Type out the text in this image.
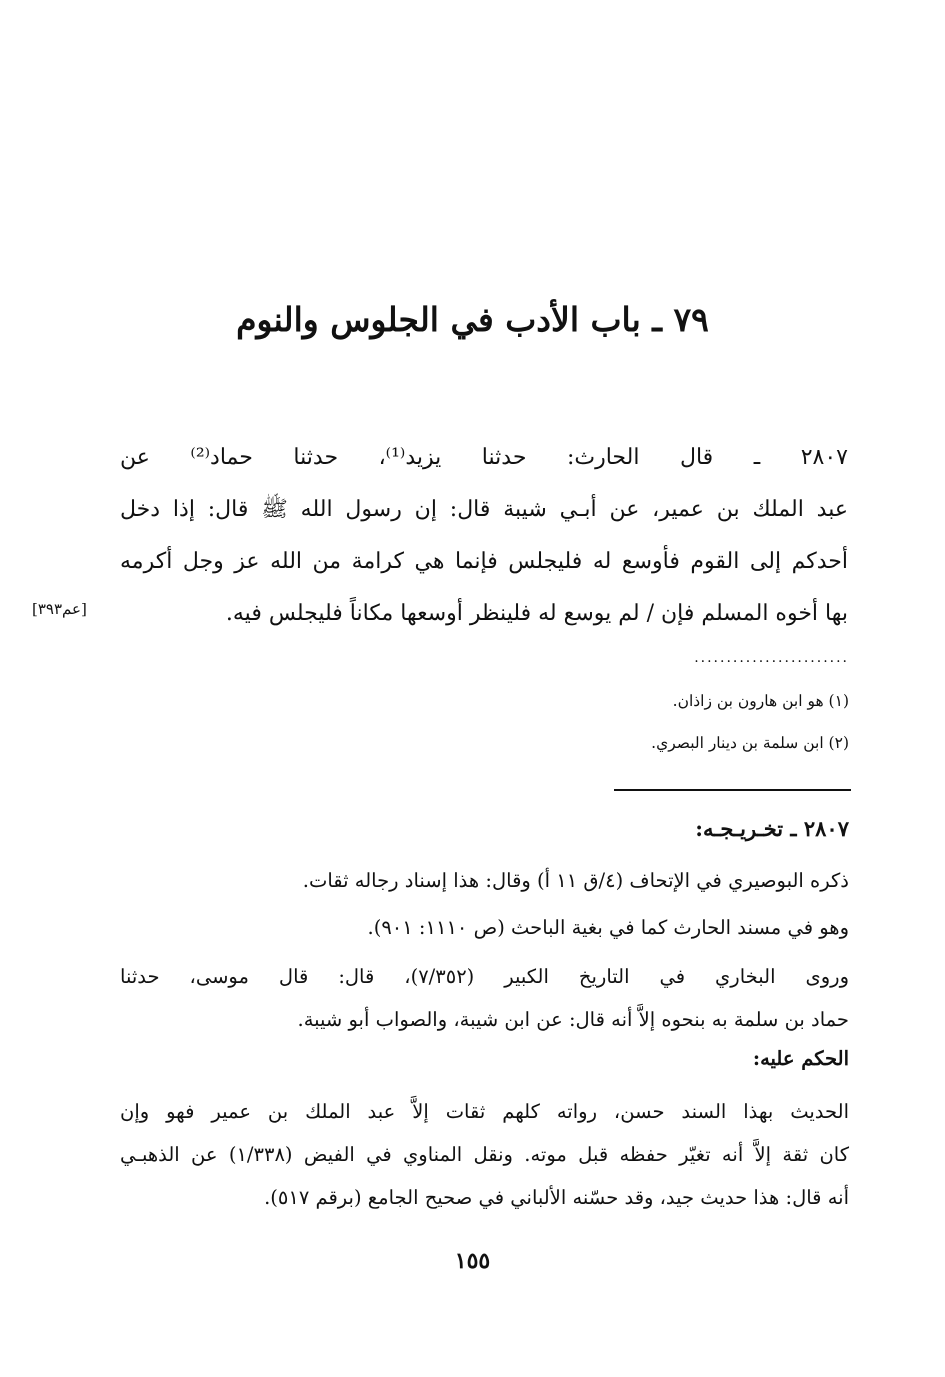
٧٩ ـ باب الأدب في الجلوس والنوم
٢٨٠٧ ـ قال الحارث: حدثنا يزيد⁽¹⁾، حدثنا حماد⁽²⁾ عن
عبد الملك بن عمير، عن أبـي شيبة قال: إن رسول الله ﷺ قال: إذا دخل
أحدكم إلى القوم فأوسع له فليجلس فإنما هي كرامة من الله عز وجل أكرمه
بها أخوه المسلم فإن / لم يوسع له فلينظر أوسعها مكاناً فليجلس فيه.
[عم٣٩٣]
........................
(١) هو ابن هارون بن زاذان.
(٢) ابن سلمة بن دينار البصري.
٢٨٠٧ ـ تخـريـجـه:
ذكره البوصيري في الإتحاف (٤/ق ١١ أ) وقال: هذا إسناد رجاله ثقات.
وهو في مسند الحارث كما في بغية الباحث (ص ١١١٠: ٩٠١).
وروى البخاري في التاريخ الكبير (٧/٣٥٢)، قال: قال موسى، حدثنا
حماد بن سلمة به بنحوه إلاَّ أنه قال: عن ابن شيبة، والصواب أبو شيبة.
الحكم عليه:
الحديث بهذا السند حسن، رواته كلهم ثقات إلاَّ عبد الملك بن عمير فهو وإن
كان ثقة إلاَّ أنه تغيّر حفظه قبل موته. ونقل المناوي في الفيض (١/٣٣٨) عن الذهبـي
أنه قال: هذا حديث جيد، وقد حسّنه الألباني في صحيح الجامع (برقم ٥١٧).
١٥٥
